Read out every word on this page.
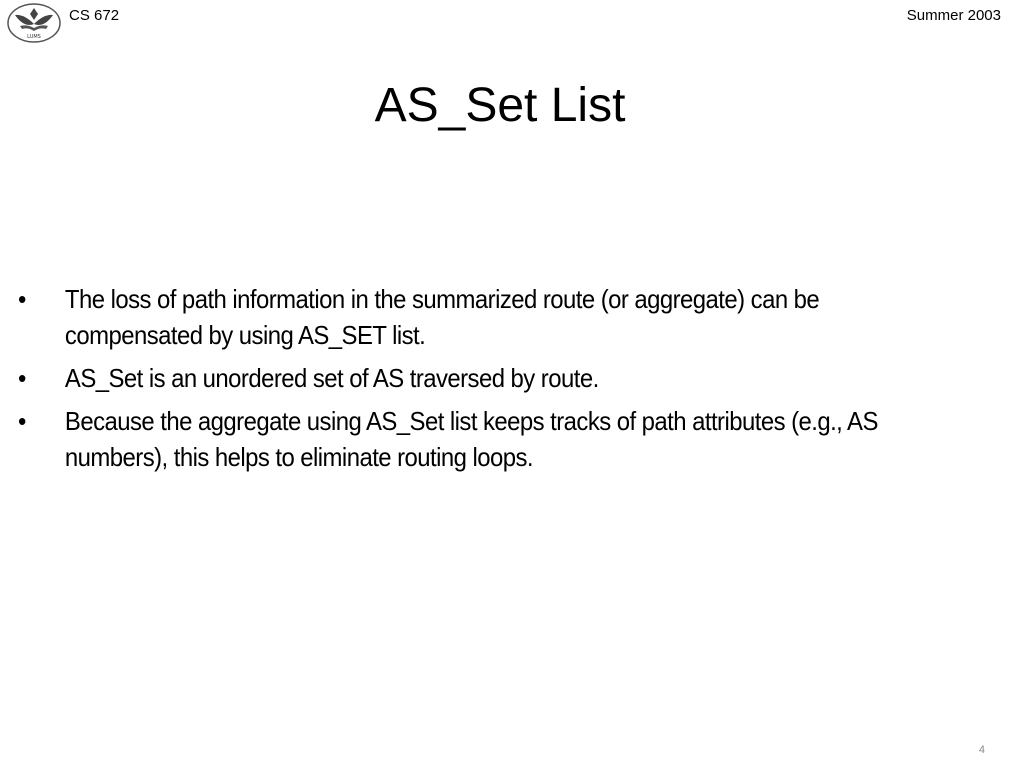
LUMS
CS 672	Summer 2003
AS_Set List
•	The loss of path information in the summarized route (or aggregate) can be compensated by using AS_SET list.
•	AS_Set is an unordered set of AS traversed by route.
•	Because the aggregate using AS_Set list keeps tracks of path attributes (e.g., AS numbers), this helps to eliminate routing loops.
4
